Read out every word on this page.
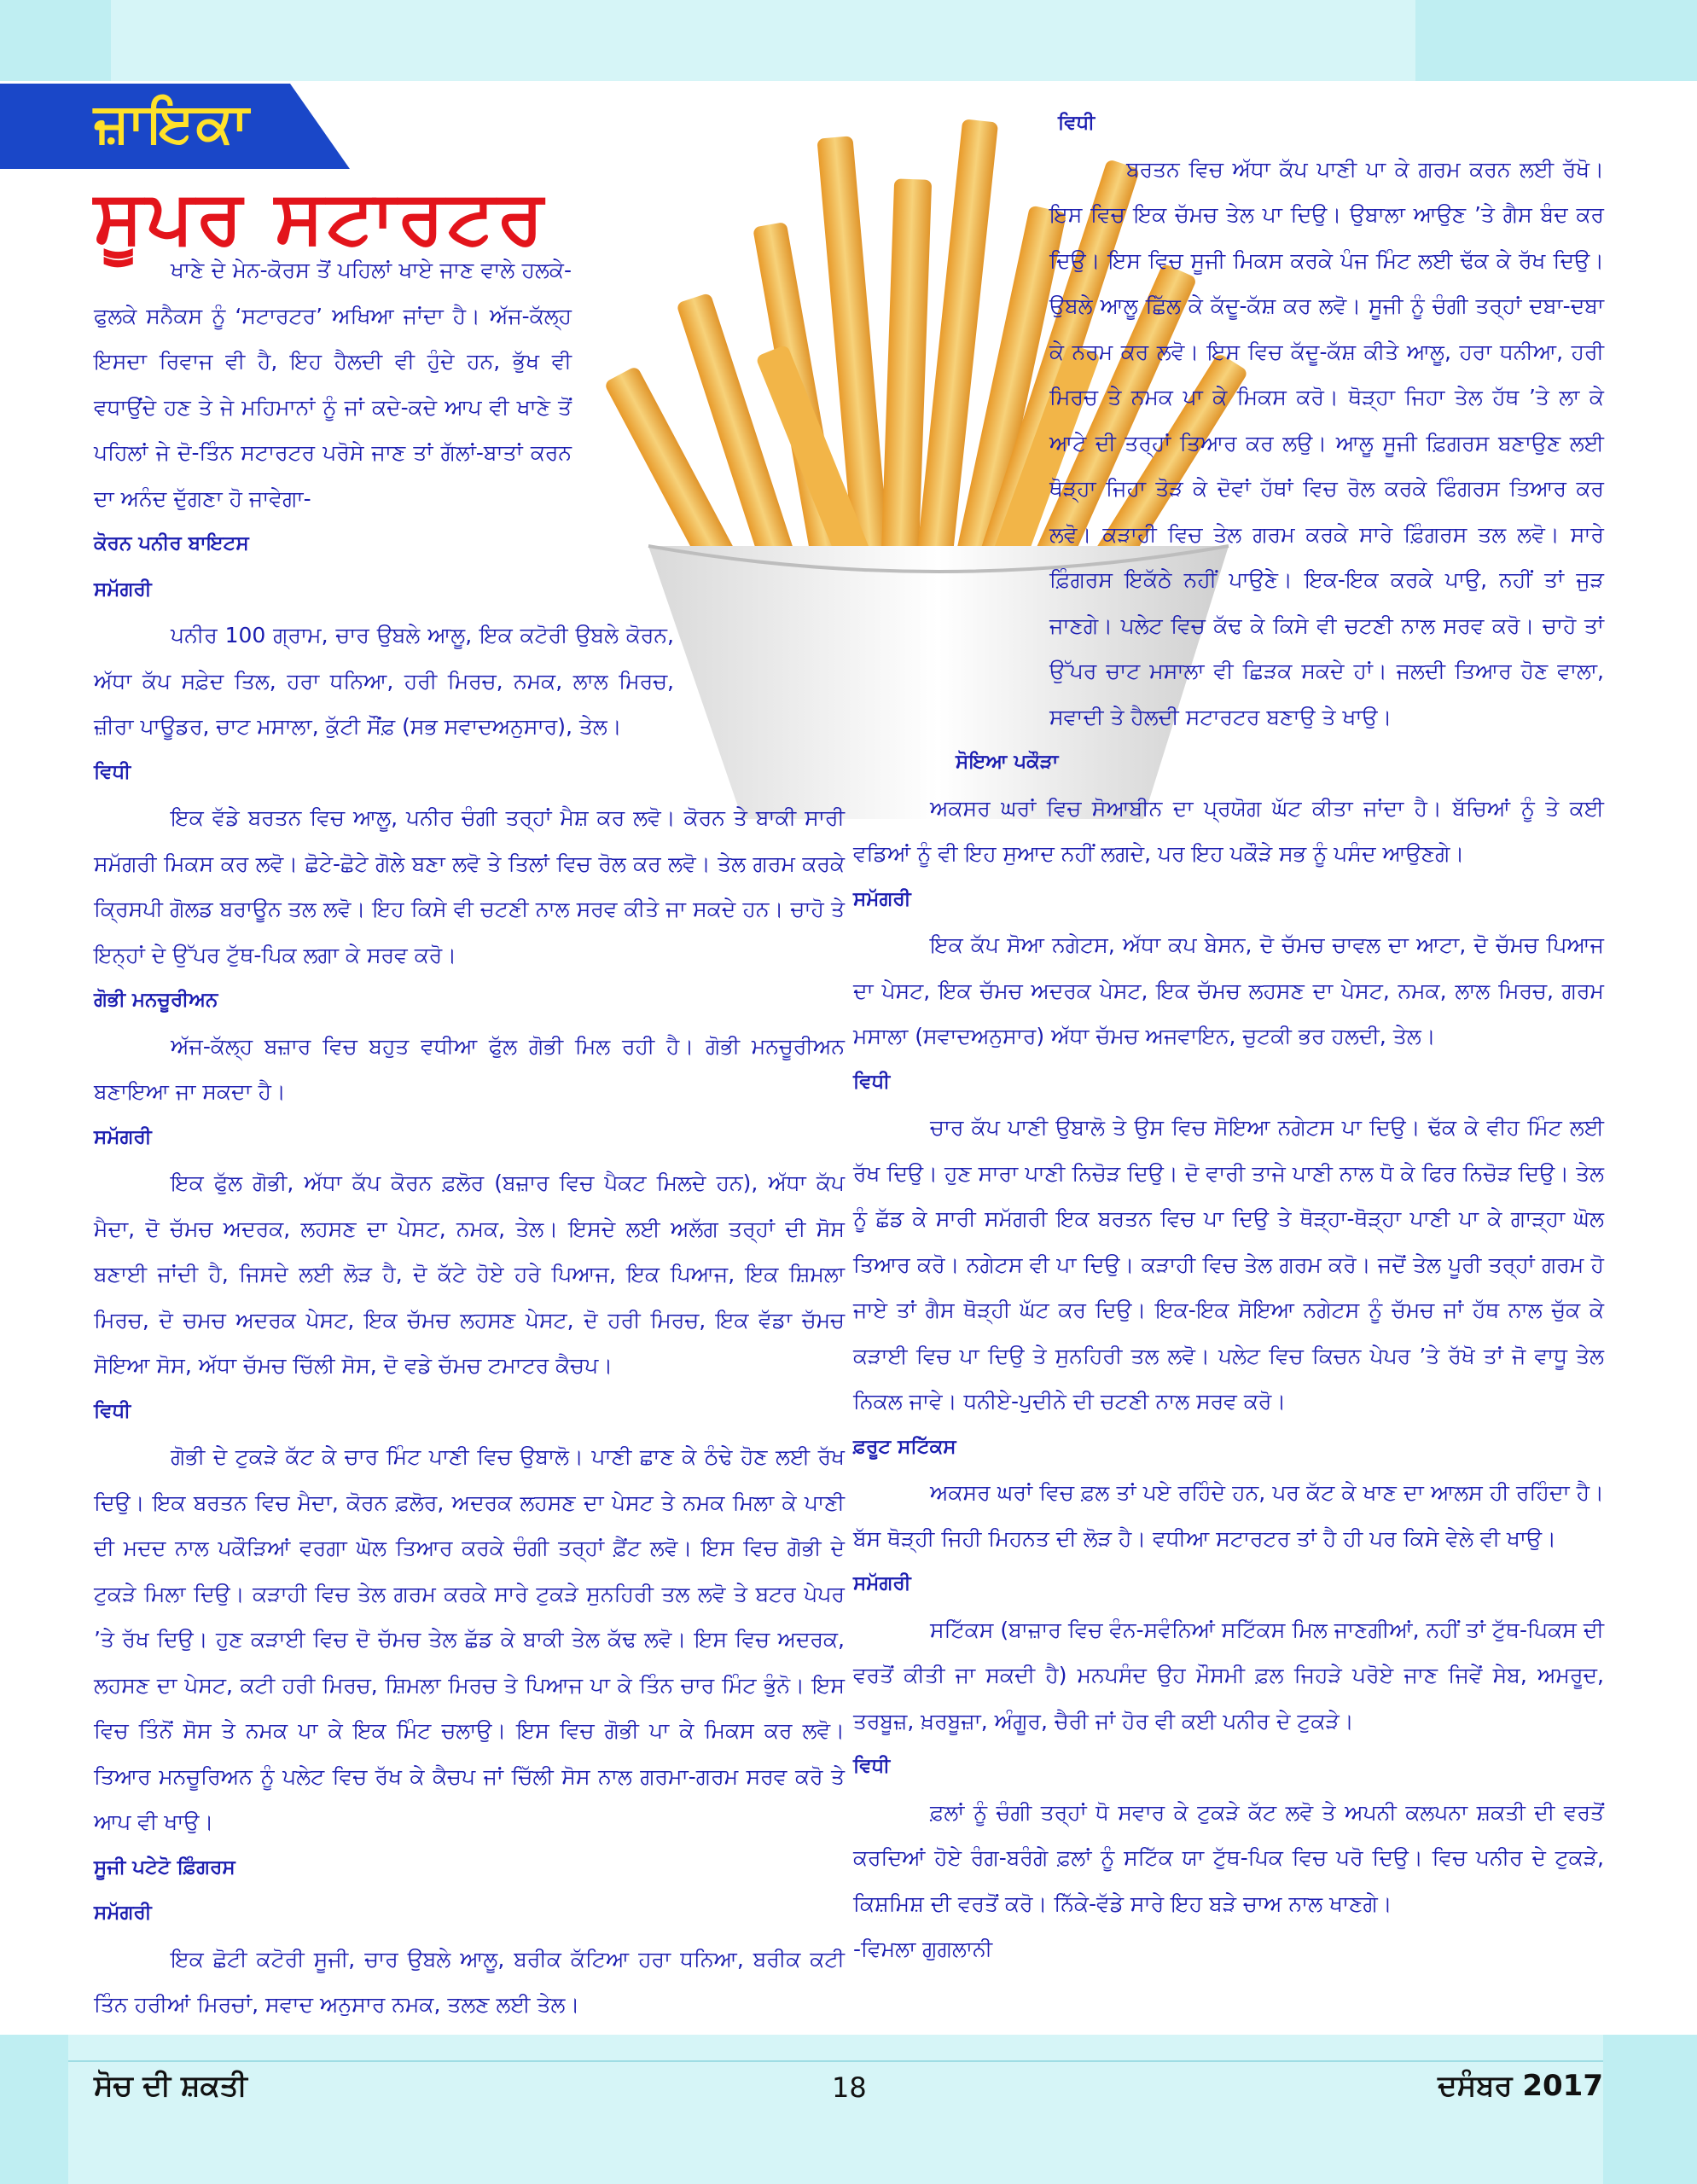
ਜ਼ਾਇਕਾ
ਸੂਪਰ ਸਟਾਰਟਰ

ਖਾਣੇ ਦੇ ਮੇਨ-ਕੋਰਸ ਤੋਂ ਪਹਿਲਾਂ ਖਾਏ ਜਾਣ ਵਾਲੇ ਹਲਕੇ-ਫੁਲਕੇ ਸਨੈਕਸ ਨੂੰ ‘ਸਟਾਰਟਰ’ ਅਖਿਆ ਜਾਂਦਾ ਹੈ। ਅੱਜ-ਕੱਲ੍ਹ ਇਸਦਾ ਰਿਵਾਜ ਵੀ ਹੈ, ਇਹ ਹੈਲਦੀ ਵੀ ਹੁੰਦੇ ਹਨ, ਭੁੱਖ ਵੀ ਵਧਾਉਂਦੇ ਹਣ ਤੇ ਜੇ ਮਹਿਮਾਨਾਂ ਨੂੰ ਜਾਂ ਕਦੇ-ਕਦੇ ਆਪ ਵੀ ਖਾਣੇ ਤੋਂ ਪਹਿਲਾਂ ਜੇ ਦੋ-ਤਿੰਨ ਸਟਾਰਟਰ ਪਰੋਸੇ ਜਾਣ ਤਾਂ ਗੱਲਾਂ-ਬਾਤਾਂ ਕਰਨ ਦਾ ਅਨੰਦ ਦੁੱਗਣਾ ਹੋ ਜਾਵੇਗਾ-

ਕੋਰਨ ਪਨੀਰ ਬਾਇਟਸ
ਸਮੱਗਰੀ

ਪਨੀਰ 100 ਗ੍ਰਾਮ, ਚਾਰ ਉਬਲੇ ਆਲੂ, ਇਕ ਕਟੋਰੀ ਉਬਲੇ ਕੋਰਨ, ਅੱਧਾ ਕੱਪ ਸਫ਼ੇਦ ਤਿਲ, ਹਰਾ ਧਨਿਆ, ਹਰੀ ਮਿਰਚ, ਨਮਕ, ਲਾਲ ਮਿਰਚ, ਜ਼ੀਰਾ ਪਾਊਡਰ, ਚਾਟ ਮਸਾਲਾ, ਕੁੱਟੀ ਸੌਂਫ਼ (ਸਭ ਸਵਾਦਅਨੁਸਾਰ), ਤੇਲ।

ਵਿਧੀ

ਇਕ ਵੱਡੇ ਬਰਤਨ ਵਿਚ ਆਲੂ, ਪਨੀਰ ਚੰਗੀ ਤਰ੍ਹਾਂ ਮੈਸ਼ ਕਰ ਲਵੋ। ਕੋਰਨ ਤੇ ਬਾਕੀ ਸਾਰੀ ਸਮੱਗਰੀ ਮਿਕਸ ਕਰ ਲਵੋ। ਛੋਟੇ-ਛੋਟੇ ਗੋਲੇ ਬਣਾ ਲਵੋ ਤੇ ਤਿਲਾਂ ਵਿਚ ਰੋਲ ਕਰ ਲਵੋ। ਤੇਲ ਗਰਮ ਕਰਕੇ ਕ੍ਰਿਸਪੀ ਗੋਲਡ ਬਰਾਊਨ ਤਲ ਲਵੋ। ਇਹ ਕਿਸੇ ਵੀ ਚਟਣੀ ਨਾਲ ਸਰਵ ਕੀਤੇ ਜਾ ਸਕਦੇ ਹਨ। ਚਾਹੋ ਤੇ ਇਨ੍ਹਾਂ ਦੇ ਉੱਪਰ ਟੁੱਥ-ਪਿਕ ਲਗਾ ਕੇ ਸਰਵ ਕਰੋ।

ਗੋਭੀ ਮਨਚੂਰੀਅਨ

ਅੱਜ-ਕੱਲ੍ਹ ਬਜ਼ਾਰ ਵਿਚ ਬਹੁਤ ਵਧੀਆ ਫੁੱਲ ਗੋਭੀ ਮਿਲ ਰਹੀ ਹੈ। ਗੋਭੀ ਮਨਚੂਰੀਅਨ ਬਣਾਇਆ ਜਾ ਸਕਦਾ ਹੈ।

ਸਮੱਗਰੀ

ਇਕ ਫੁੱਲ ਗੋਭੀ, ਅੱਧਾ ਕੱਪ ਕੋਰਨ ਫ਼ਲੋਰ (ਬਜ਼ਾਰ ਵਿਚ ਪੈਕਟ ਮਿਲਦੇ ਹਨ), ਅੱਧਾ ਕੱਪ ਮੈਦਾ, ਦੋ ਚੱਮਚ ਅਦਰਕ, ਲਹਸਣ ਦਾ ਪੇਸਟ, ਨਮਕ, ਤੇਲ। ਇਸਦੇ ਲਈ ਅਲੱਗ ਤਰ੍ਹਾਂ ਦੀ ਸੋਸ ਬਣਾਈ ਜਾਂਦੀ ਹੈ, ਜਿਸਦੇ ਲਈ ਲੋੜ ਹੈ, ਦੋ ਕੱਟੇ ਹੋਏ ਹਰੇ ਪਿਆਜ, ਇਕ ਪਿਆਜ, ਇਕ ਸ਼ਿਮਲਾ ਮਿਰਚ, ਦੋ ਚਮਚ ਅਦਰਕ ਪੇਸਟ, ਇਕ ਚੱਮਚ ਲਹਸਣ ਪੇਸਟ, ਦੋ ਹਰੀ ਮਿਰਚ, ਇਕ ਵੱਡਾ ਚੱਮਚ ਸੋਇਆ ਸੋਸ, ਅੱਧਾ ਚੱਮਚ ਚਿੱਲੀ ਸੋਸ, ਦੋ ਵਡੇ ਚੱਮਚ ਟਮਾਟਰ ਕੈਚਪ।

ਵਿਧੀ

ਗੋਭੀ ਦੇ ਟੁਕੜੇ ਕੱਟ ਕੇ ਚਾਰ ਮਿੰਟ ਪਾਣੀ ਵਿਚ ਉਬਾਲੋ। ਪਾਣੀ ਛਾਣ ਕੇ ਠੰਢੇ ਹੋਣ ਲਈ ਰੱਖ ਦਿਉ। ਇਕ ਬਰਤਨ ਵਿਚ ਮੈਦਾ, ਕੋਰਨ ਫ਼ਲੋਰ, ਅਦਰਕ ਲਹਸਣ ਦਾ ਪੇਸਟ ਤੇ ਨਮਕ ਮਿਲਾ ਕੇ ਪਾਣੀ ਦੀ ਮਦਦ ਨਾਲ ਪਕੌੜਿਆਂ ਵਰਗਾ ਘੋਲ ਤਿਆਰ ਕਰਕੇ ਚੰਗੀ ਤਰ੍ਹਾਂ ਫ਼ੈਂਟ ਲਵੋ। ਇਸ ਵਿਚ ਗੋਭੀ ਦੇ ਟੁਕੜੇ ਮਿਲਾ ਦਿਉ। ਕੜਾਹੀ ਵਿਚ ਤੇਲ ਗਰਮ ਕਰਕੇ ਸਾਰੇ ਟੁਕੜੇ ਸੁਨਹਿਰੀ ਤਲ ਲਵੋ ਤੇ ਬਟਰ ਪੇਪਰ ’ਤੇ ਰੱਖ ਦਿਉ। ਹੁਣ ਕੜਾਈ ਵਿਚ ਦੋ ਚੱਮਚ ਤੇਲ ਛੱਡ ਕੇ ਬਾਕੀ ਤੇਲ ਕੱਢ ਲਵੋ। ਇਸ ਵਿਚ ਅਦਰਕ, ਲਹਸਣ ਦਾ ਪੇਸਟ, ਕਟੀ ਹਰੀ ਮਿਰਚ, ਸ਼ਿਮਲਾ ਮਿਰਚ ਤੇ ਪਿਆਜ ਪਾ ਕੇ ਤਿੰਨ ਚਾਰ ਮਿੰਟ ਭੁੰਨੋ। ਇਸ ਵਿਚ ਤਿੰਨੋਂ ਸੋਸ ਤੇ ਨਮਕ ਪਾ ਕੇ ਇਕ ਮਿੰਟ ਚਲਾਉ। ਇਸ ਵਿਚ ਗੋਭੀ ਪਾ ਕੇ ਮਿਕਸ ਕਰ ਲਵੋ। ਤਿਆਰ ਮਨਚੂਰਿਅਨ ਨੂੰ ਪਲੇਟ ਵਿਚ ਰੱਖ ਕੇ ਕੈਚਪ ਜਾਂ ਚਿੱਲੀ ਸੋਸ ਨਾਲ ਗਰਮਾ-ਗਰਮ ਸਰਵ ਕਰੋ ਤੇ ਆਪ ਵੀ ਖਾਉ।

ਸੂਜੀ ਪਟੇਟੋ ਫ਼ਿੰਗਰਸ
ਸਮੱਗਰੀ

ਇਕ ਛੋਟੀ ਕਟੋਰੀ ਸੂਜੀ, ਚਾਰ ਉਬਲੇ ਆਲੂ, ਬਰੀਕ ਕੱਟਿਆ ਹਰਾ ਧਨਿਆ, ਬਰੀਕ ਕਟੀ ਤਿੰਨ ਹਰੀਆਂ ਮਿਰਚਾਂ, ਸਵਾਦ ਅਨੁਸਾਰ ਨਮਕ, ਤਲਣ ਲਈ ਤੇਲ।

ਵਿਧੀ

ਬਰਤਨ ਵਿਚ ਅੱਧਾ ਕੱਪ ਪਾਣੀ ਪਾ ਕੇ ਗਰਮ ਕਰਨ ਲਈ ਰੱਖੋ। ਇਸ ਵਿਚ ਇਕ ਚੱਮਚ ਤੇਲ ਪਾ ਦਿਉ। ਉਬਾਲਾ ਆਉਣ ’ਤੇ ਗੈਸ ਬੰਦ ਕਰ ਦਿਉ। ਇਸ ਵਿਚ ਸੂਜੀ ਮਿਕਸ ਕਰਕੇ ਪੰਜ ਮਿੰਟ ਲਈ ਢੱਕ ਕੇ ਰੱਖ ਦਿਉ। ਉਬਲੇ ਆਲੂ ਛਿੱਲ ਕੇ ਕੱਦੂ-ਕੱਸ਼ ਕਰ ਲਵੋ। ਸੂਜੀ ਨੂੰ ਚੰਗੀ ਤਰ੍ਹਾਂ ਦਬਾ-ਦਬਾ ਕੇ ਨਰਮ ਕਰ ਲਵੋ। ਇਸ ਵਿਚ ਕੱਦੂ-ਕੱਸ਼ ਕੀਤੇ ਆਲੂ, ਹਰਾ ਧਨੀਆ, ਹਰੀ ਮਿਰਚ ਤੇ ਨਮਕ ਪਾ ਕੇ ਮਿਕਸ ਕਰੋ। ਥੋੜ੍ਹਾ ਜਿਹਾ ਤੇਲ ਹੱਥ ’ਤੇ ਲਾ ਕੇ ਆਟੇ ਦੀ ਤਰ੍ਹਾਂ ਤਿਆਰ ਕਰ ਲਉ। ਆਲੂ ਸੂਜੀ ਫ਼ਿਗਰਸ ਬਣਾਉਣ ਲਈ ਥੋੜ੍ਹਾ ਜਿਹਾ ਤੋੜ ਕੇ ਦੋਵਾਂ ਹੱਥਾਂ ਵਿਚ ਰੋਲ ਕਰਕੇ ਫਿੰਗਰਸ ਤਿਆਰ ਕਰ ਲਵੋ। ਕੜਾਹੀ ਵਿਚ ਤੇਲ ਗਰਮ ਕਰਕੇ ਸਾਰੇ ਫ਼ਿੰਗਰਸ ਤਲ ਲਵੋ। ਸਾਰੇ ਫ਼ਿੰਗਰਸ ਇਕੱਠੇ ਨਹੀਂ ਪਾਉਣੇ। ਇਕ-ਇਕ ਕਰਕੇ ਪਾਉ, ਨਹੀਂ ਤਾਂ ਜੁੜ ਜਾਣਗੇ। ਪਲੇਟ ਵਿਚ ਕੱਢ ਕੇ ਕਿਸੇ ਵੀ ਚਟਣੀ ਨਾਲ ਸਰਵ ਕਰੋ। ਚਾਹੋ ਤਾਂ ਉੱਪਰ ਚਾਟ ਮਸਾਲਾ ਵੀ ਛਿੜਕ ਸਕਦੇ ਹਾਂ। ਜਲਦੀ ਤਿਆਰ ਹੋਣ ਵਾਲਾ, ਸਵਾਦੀ ਤੇ ਹੈਲਦੀ ਸਟਾਰਟਰ ਬਣਾਉ ਤੇ ਖਾਉ।

ਸੋਇਆ ਪਕੌੜਾ

ਅਕਸਰ ਘਰਾਂ ਵਿਚ ਸੋਆਬੀਨ ਦਾ ਪ੍ਰਯੋਗ ਘੱਟ ਕੀਤਾ ਜਾਂਦਾ ਹੈ। ਬੱਚਿਆਂ ਨੂੰ ਤੇ ਕਈ ਵਡਿਆਂ ਨੂੰ ਵੀ ਇਹ ਸੁਆਦ ਨਹੀਂ ਲਗਦੇ, ਪਰ ਇਹ ਪਕੌੜੇ ਸਭ ਨੂੰ ਪਸੰਦ ਆਉਣਗੇ।

ਸਮੱਗਰੀ

ਇਕ ਕੱਪ ਸੋਆ ਨਗੇਟਸ, ਅੱਧਾ ਕਪ ਬੇਸਨ, ਦੋ ਚੱਮਚ ਚਾਵਲ ਦਾ ਆਟਾ, ਦੋ ਚੱਮਚ ਪਿਆਜ ਦਾ ਪੇਸਟ, ਇਕ ਚੱਮਚ ਅਦਰਕ ਪੇਸਟ, ਇਕ ਚੱਮਚ ਲਹਸਣ ਦਾ ਪੇਸਟ, ਨਮਕ, ਲਾਲ ਮਿਰਚ, ਗਰਮ ਮਸਾਲਾ (ਸਵਾਦਅਨੁਸਾਰ) ਅੱਧਾ ਚੱਮਚ ਅਜਵਾਇਨ, ਚੁਟਕੀ ਭਰ ਹਲਦੀ, ਤੇਲ।

ਵਿਧੀ

ਚਾਰ ਕੱਪ ਪਾਣੀ ਉਬਾਲੋ ਤੇ ਉਸ ਵਿਚ ਸੋਇਆ ਨਗੇਟਸ ਪਾ ਦਿਉ। ਢੱਕ ਕੇ ਵੀਹ ਮਿੰਟ ਲਈ ਰੱਖ ਦਿਉ। ਹੁਣ ਸਾਰਾ ਪਾਣੀ ਨਿਚੋੜ ਦਿਉ। ਦੋ ਵਾਰੀ ਤਾਜੇ ਪਾਣੀ ਨਾਲ ਧੋ ਕੇ ਫਿਰ ਨਿਚੋੜ ਦਿਉ। ਤੇਲ ਨੂੰ ਛੱਡ ਕੇ ਸਾਰੀ ਸਮੱਗਰੀ ਇਕ ਬਰਤਨ ਵਿਚ ਪਾ ਦਿਉ ਤੇ ਥੋੜ੍ਹਾ-ਥੋੜ੍ਹਾ ਪਾਣੀ ਪਾ ਕੇ ਗਾੜ੍ਹਾ ਘੋਲ ਤਿਆਰ ਕਰੋ। ਨਗੇਟਸ ਵੀ ਪਾ ਦਿਉ। ਕੜਾਹੀ ਵਿਚ ਤੇਲ ਗਰਮ ਕਰੋ। ਜਦੋਂ ਤੇਲ ਪੂਰੀ ਤਰ੍ਹਾਂ ਗਰਮ ਹੋ ਜਾਏ ਤਾਂ ਗੈਸ ਥੋੜ੍ਹੀ ਘੱਟ ਕਰ ਦਿਉ। ਇਕ-ਇਕ ਸੋਇਆ ਨਗੇਟਸ ਨੂੰ ਚੱਮਚ ਜਾਂ ਹੱਥ ਨਾਲ ਚੁੱਕ ਕੇ ਕੜਾਈ ਵਿਚ ਪਾ ਦਿਉ ਤੇ ਸੁਨਹਿਰੀ ਤਲ ਲਵੋ। ਪਲੇਟ ਵਿਚ ਕਿਚਨ ਪੇਪਰ ’ਤੇ ਰੱਖੋ ਤਾਂ ਜੋ ਵਾਧੂ ਤੇਲ ਨਿਕਲ ਜਾਵੇ। ਧਨੀਏ-ਪੁਦੀਨੇ ਦੀ ਚਟਣੀ ਨਾਲ ਸਰਵ ਕਰੋ।

ਫ਼ਰੂਟ ਸਟਿੱਕਸ

ਅਕਸਰ ਘਰਾਂ ਵਿਚ ਫ਼ਲ ਤਾਂ ਪਏ ਰਹਿੰਦੇ ਹਨ, ਪਰ ਕੱਟ ਕੇ ਖਾਣ ਦਾ ਆਲਸ ਹੀ ਰਹਿੰਦਾ ਹੈ। ਬੱਸ ਥੋੜ੍ਹੀ ਜਿਹੀ ਮਿਹਨਤ ਦੀ ਲੋੜ ਹੈ। ਵਧੀਆ ਸਟਾਰਟਰ ਤਾਂ ਹੈ ਹੀ ਪਰ ਕਿਸੇ ਵੇਲੇ ਵੀ ਖਾਉ।

ਸਮੱਗਰੀ

ਸਟਿੱਕਸ (ਬਾਜ਼ਾਰ ਵਿਚ ਵੰਨ-ਸਵੰਨਿਆਂ ਸਟਿੱਕਸ ਮਿਲ ਜਾਣਗੀਆਂ, ਨਹੀਂ ਤਾਂ ਟੁੱਥ-ਪਿਕਸ ਦੀ ਵਰਤੋਂ ਕੀਤੀ ਜਾ ਸਕਦੀ ਹੈ) ਮਨਪਸੰਦ ਉਹ ਮੌਸਮੀ ਫ਼ਲ ਜਿਹੜੇ ਪਰੋਏ ਜਾਣ ਜਿਵੇਂ ਸੇਬ, ਅਮਰੂਦ, ਤਰਬੂਜ਼, ਖ਼ਰਬੂਜ਼ਾ, ਅੰਗੂਰ, ਚੈਰੀ ਜਾਂ ਹੋਰ ਵੀ ਕਈ ਪਨੀਰ ਦੇ ਟੁਕੜੇ।

ਵਿਧੀ

ਫ਼ਲਾਂ ਨੂੰ ਚੰਗੀ ਤਰ੍ਹਾਂ ਧੋ ਸਵਾਰ ਕੇ ਟੁਕੜੇ ਕੱਟ ਲਵੋ ਤੇ ਅਪਨੀ ਕਲਪਨਾ ਸ਼ਕਤੀ ਦੀ ਵਰਤੋਂ ਕਰਦਿਆਂ ਹੋਏ ਰੰਗ-ਬਰੰਗੇ ਫ਼ਲਾਂ ਨੂੰ ਸਟਿੱਕ ਯਾ ਟੁੱਥ-ਪਿਕ ਵਿਚ ਪਰੋ ਦਿਉ। ਵਿਚ ਪਨੀਰ ਦੇ ਟੁਕੜੇ, ਕਿਸ਼ਮਿਸ਼ ਦੀ ਵਰਤੋਂ ਕਰੋ। ਨਿੱਕੇ-ਵੱਡੇ ਸਾਰੇ ਇਹ ਬੜੇ ਚਾਅ ਨਾਲ ਖਾਣਗੇ।

-ਵਿਮਲਾ ਗੁਗਲਾਨੀ

ਸੋਚ ਦੀ ਸ਼ਕਤੀ	18	ਦਸੰਬਰ 2017
